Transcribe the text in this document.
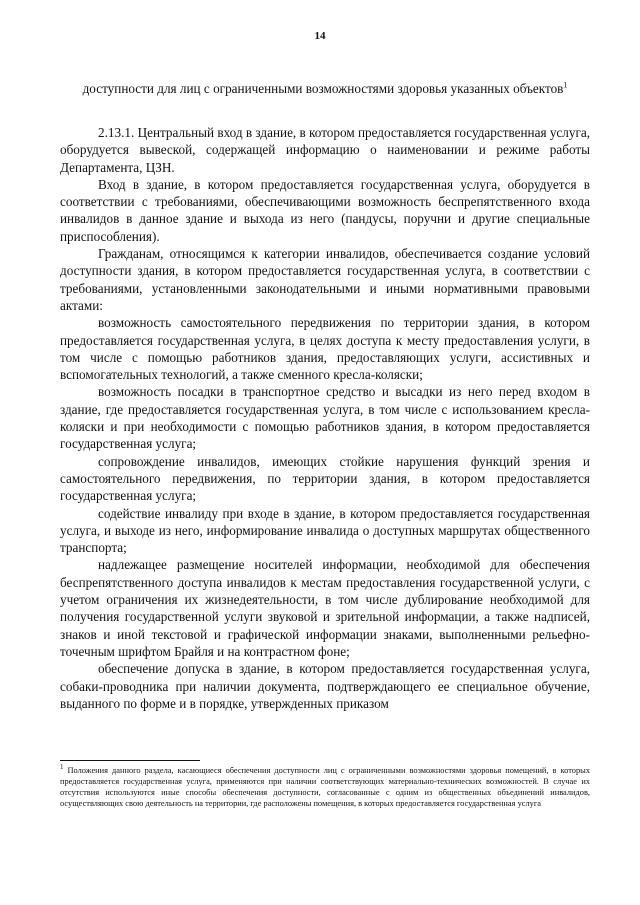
14
доступности для лиц с ограниченными возможностями здоровья указанных объектов$^1$

2.13.1. Центральный вход в здание, в котором предоставляется государственная услуга, оборудуется вывеской, содержащей информацию о наименовании и режиме работы Департамента, ЦЗН.

Вход в здание, в котором предоставляется государственная услуга, оборудуется в соответствии с требованиями, обеспечивающими возможность беспрепятственного входа инвалидов в данное здание и выхода из него (пандусы, поручни и другие специальные приспособления).

Гражданам, относящимся к категории инвалидов, обеспечивается создание условий доступности здания, в котором предоставляется государственная услуга, в соответствии с требованиями, установленными законодательными и иными нормативными правовыми актами:

возможность самостоятельного передвижения по территории здания, в котором предоставляется государственная услуга, в целях доступа к месту предоставления услуги, в том числе с помощью работников здания, предоставляющих услуги, ассистивных и вспомогательных технологий, а также сменного кресла-коляски;

возможность посадки в транспортное средство и высадки из него перед входом в здание, где предоставляется государственная услуга, в том числе с использованием кресла-коляски и при необходимости с помощью работников здания, в котором предоставляется государственная услуга;

сопровождение инвалидов, имеющих стойкие нарушения функций зрения и самостоятельного передвижения, по территории здания, в котором предоставляется государственная услуга;

содействие инвалиду при входе в здание, в котором предоставляется государственная услуга, и выходе из него, информирование инвалида о доступных маршрутах общественного транспорта;

надлежащее размещение носителей информации, необходимой для обеспечения беспрепятственного доступа инвалидов к местам предоставления государственной услуги, с учетом ограничения их жизнедеятельности, в том числе дублирование необходимой для получения государственной услуги звуковой и зрительной информации, а также надписей, знаков и иной текстовой и графической информации знаками, выполненными рельефно-точечным шрифтом Брайля и на контрастном фоне;

обеспечение допуска в здание, в котором предоставляется государственная услуга, собаки-проводника при наличии документа, подтверждающего ее специальное обучение, выданного по форме и в порядке, утвержденных приказом

$^1$ Положения данного раздела, касающиеся обеспечения доступности лиц с ограниченными возможностями здоровья помещений, в которых предоставляется государственная услуга, применяются при наличии соответствующих материально-технических возможностей. В случае их отсутствия используются иные способы обеспечения доступности, согласованные с одним из общественных объединений инвалидов, осуществляющих свою деятельность на территории, где расположены помещения, в которых предоставляется государственная услуга
